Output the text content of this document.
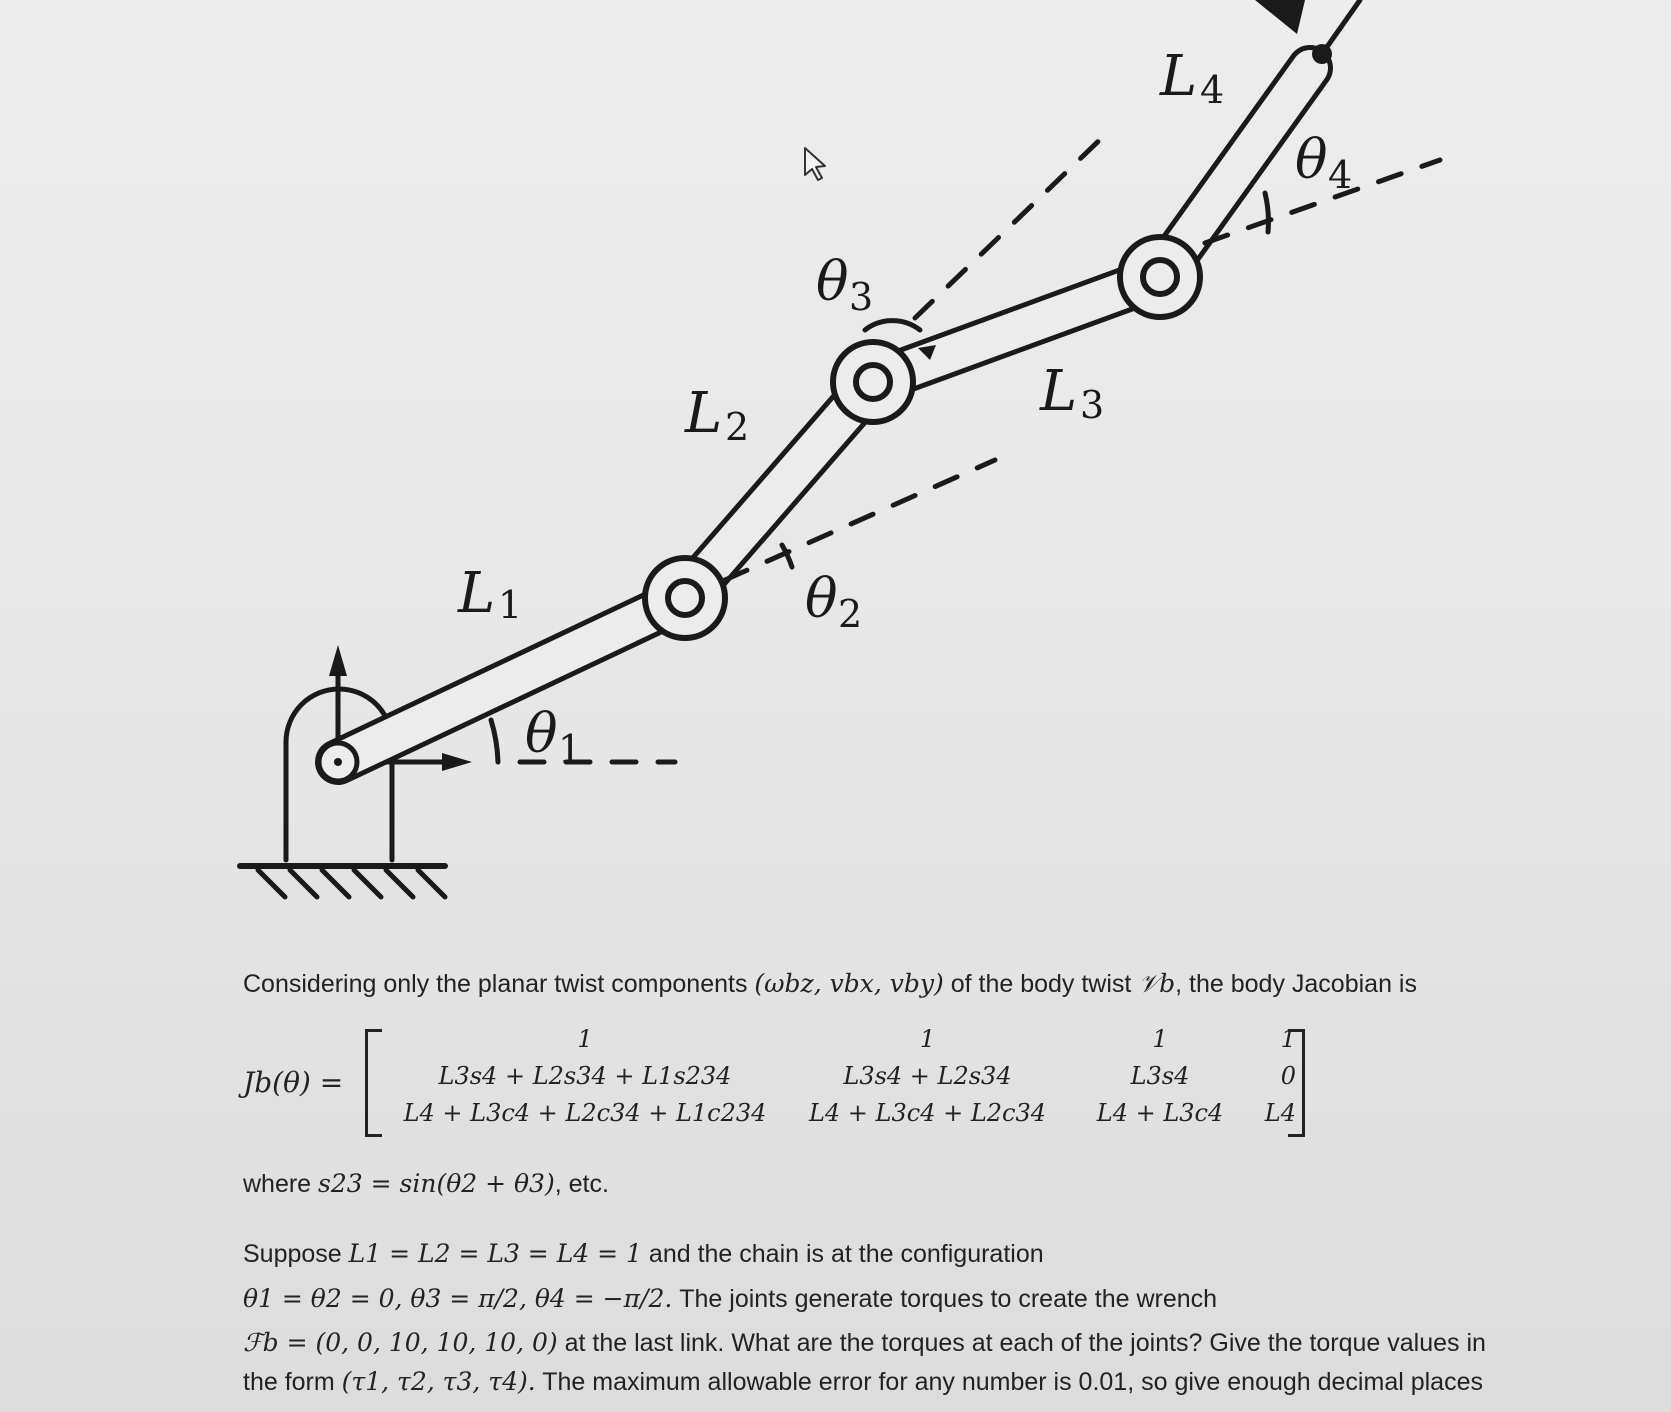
L
L	L
L
θ
θ
θ
θ
1
2	3
4
1
2
3
4
Considering only the planar twist components (ωbz, vbx, vby) of the body twist 𝒱b, the body Jacobian is
Jb(θ) =
1	1	1	1
L3s4 + L2s34 + L1s234	L3s4 + L2s34	L3s4	0
L4 + L3c4 + L2c34 + L1c234	L4 + L3c4 + L2c34	L4 + L3c4	L4
where s23 = sin(θ2 + θ3), etc.
Suppose L1 = L2 = L3 = L4 = 1 and the chain is at the configuration
θ1 = θ2 = 0, θ3 = π/2, θ4 = −π/2. The joints generate torques to create the wrench
ℱb = (0, 0, 10, 10, 10, 0) at the last link. What are the torques at each of the joints? Give the torque values in
the form (τ1, τ2, τ3, τ4). The maximum allowable error for any number is 0.01, so give enough decimal places
